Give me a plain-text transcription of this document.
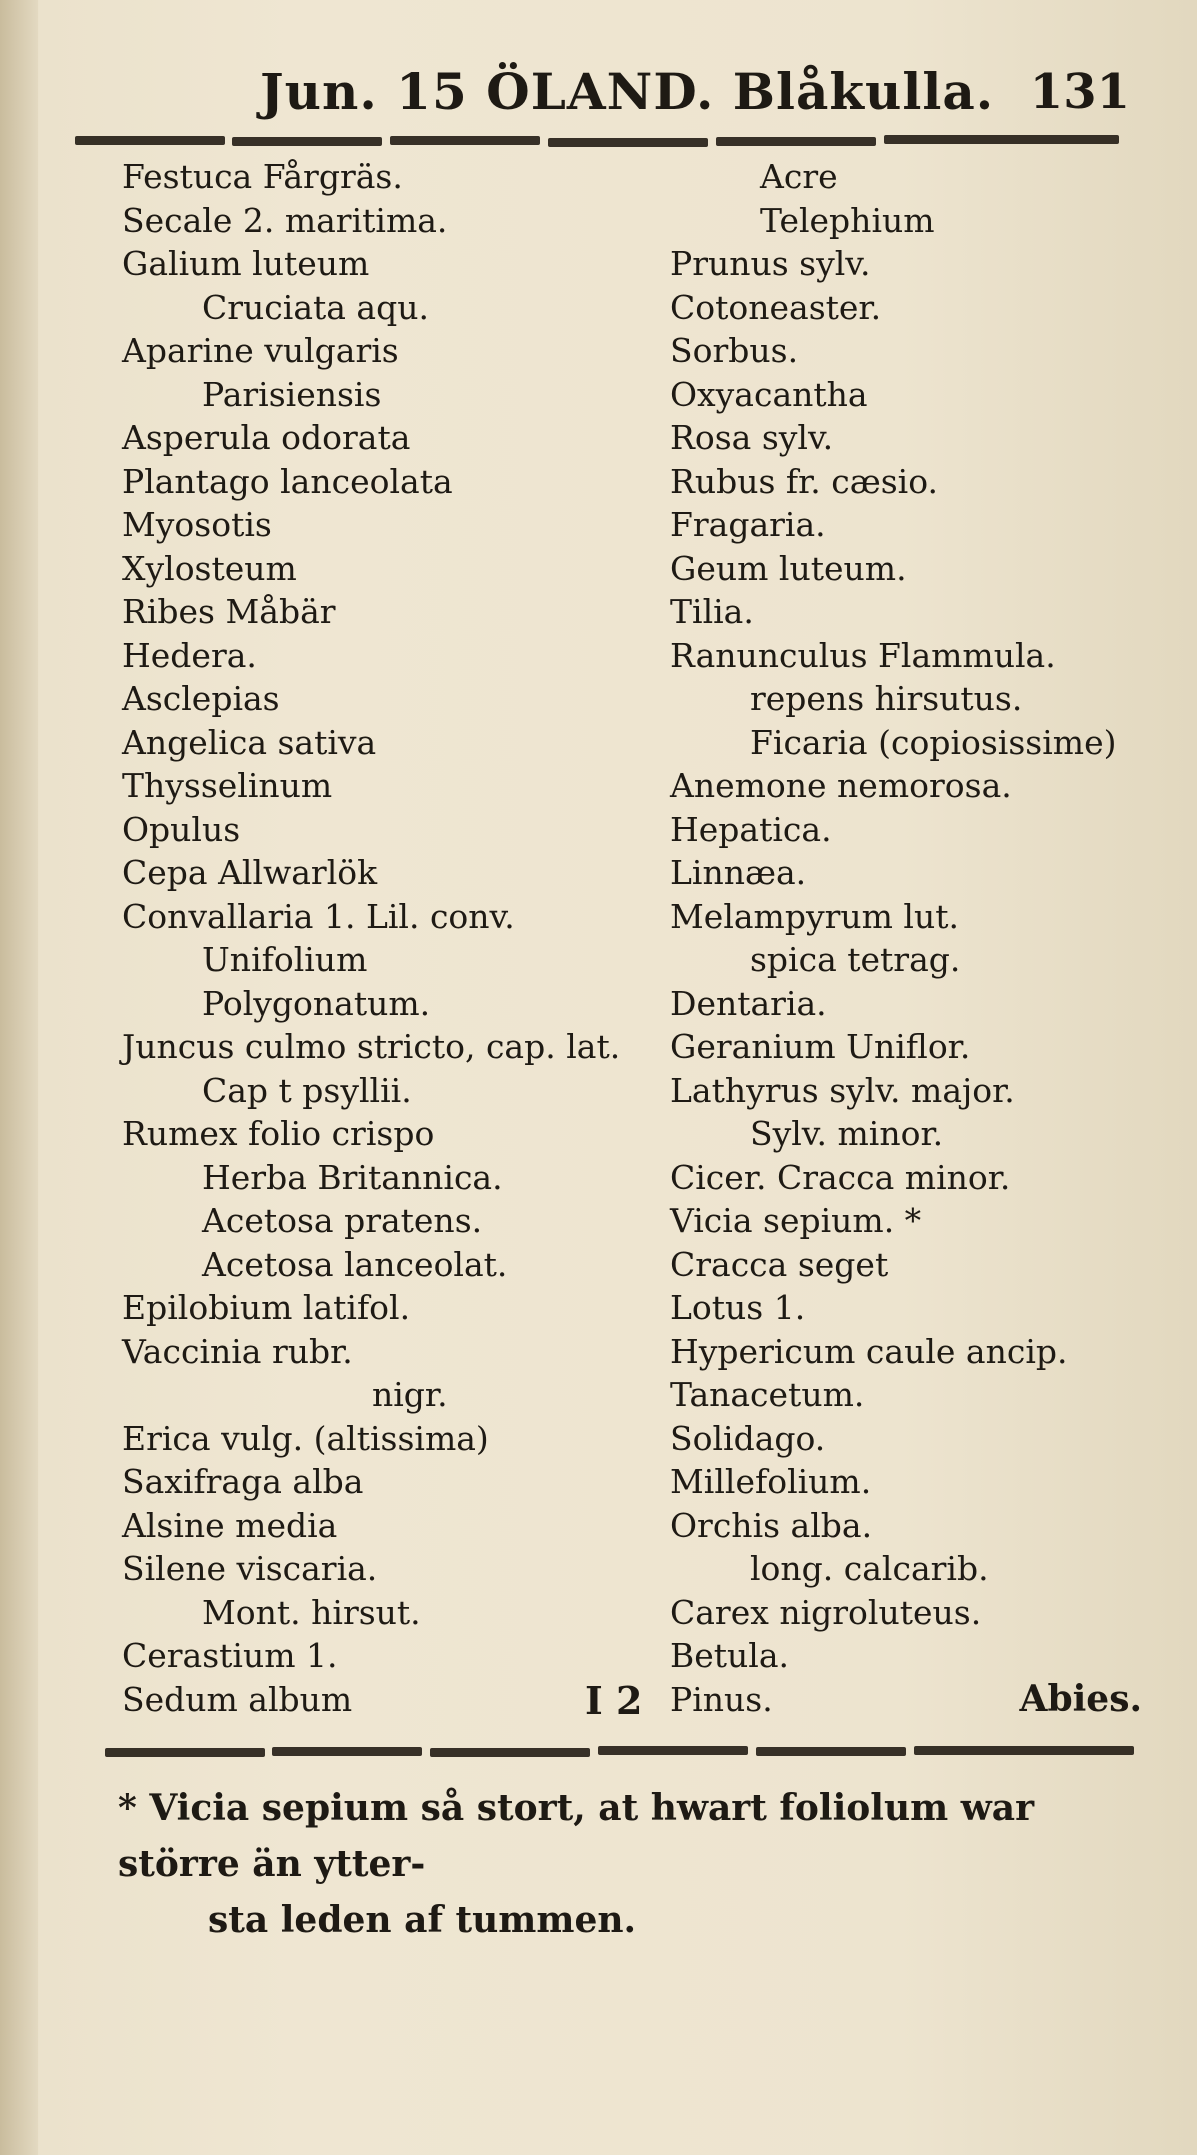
Jun. 15 ÖLAND. Blåkulla. 131
Festuca Fårgräs.
Secale 2. maritima.
Galium luteum
Cruciata aqu.
Aparine vulgaris
Parisiensis
Asperula odorata
Plantago lanceolata
Myosotis
Xylosteum
Ribes Måbär
Hedera.
Asclepias
Angelica sativa
Thysselinum
Opulus
Cepa Allwarlök
Convallaria 1. Lil. conv.
Unifolium
Polygonatum.
Juncus culmo stricto, cap. lat.
Cap t psyllii.
Rumex folio crispo
Herba Britannica.
Acetosa pratens.
Acetosa lanceolat.
Epilobium latifol.
Vaccinia rubr.
nigr.
Erica vulg. (altissima)
Saxifraga alba
Alsine media
Silene viscaria.
Mont. hirsut.
Cerastium 1.
Sedum album
Acre
Telephium
Prunus sylv.
Cotoneaster.
Sorbus.
Oxyacantha
Rosa sylv.
Rubus fr. cæsio.
Fragaria.
Geum luteum.
Tilia.
Ranunculus Flammula.
repens hirsutus.
Ficaria (copiosissime)
Anemone nemorosa.
Hepatica.
Linnæa.
Melampyrum lut.
spica tetrag.
Dentaria.
Geranium Uniflor.
Lathyrus sylv. major.
Sylv. minor.
Cicer. Cracca minor.
Vicia sepium. *
Cracca seget
Lotus 1.
Hypericum caule ancip.
Tanacetum.
Solidago.
Millefolium.
Orchis alba.
long. calcarib.
Carex nigroluteus.
Betula.
Pinus.
I 2	Abies.
* Vicia sepium så stort, at hwart foliolum war större än ytter-
sta leden af tummen.
